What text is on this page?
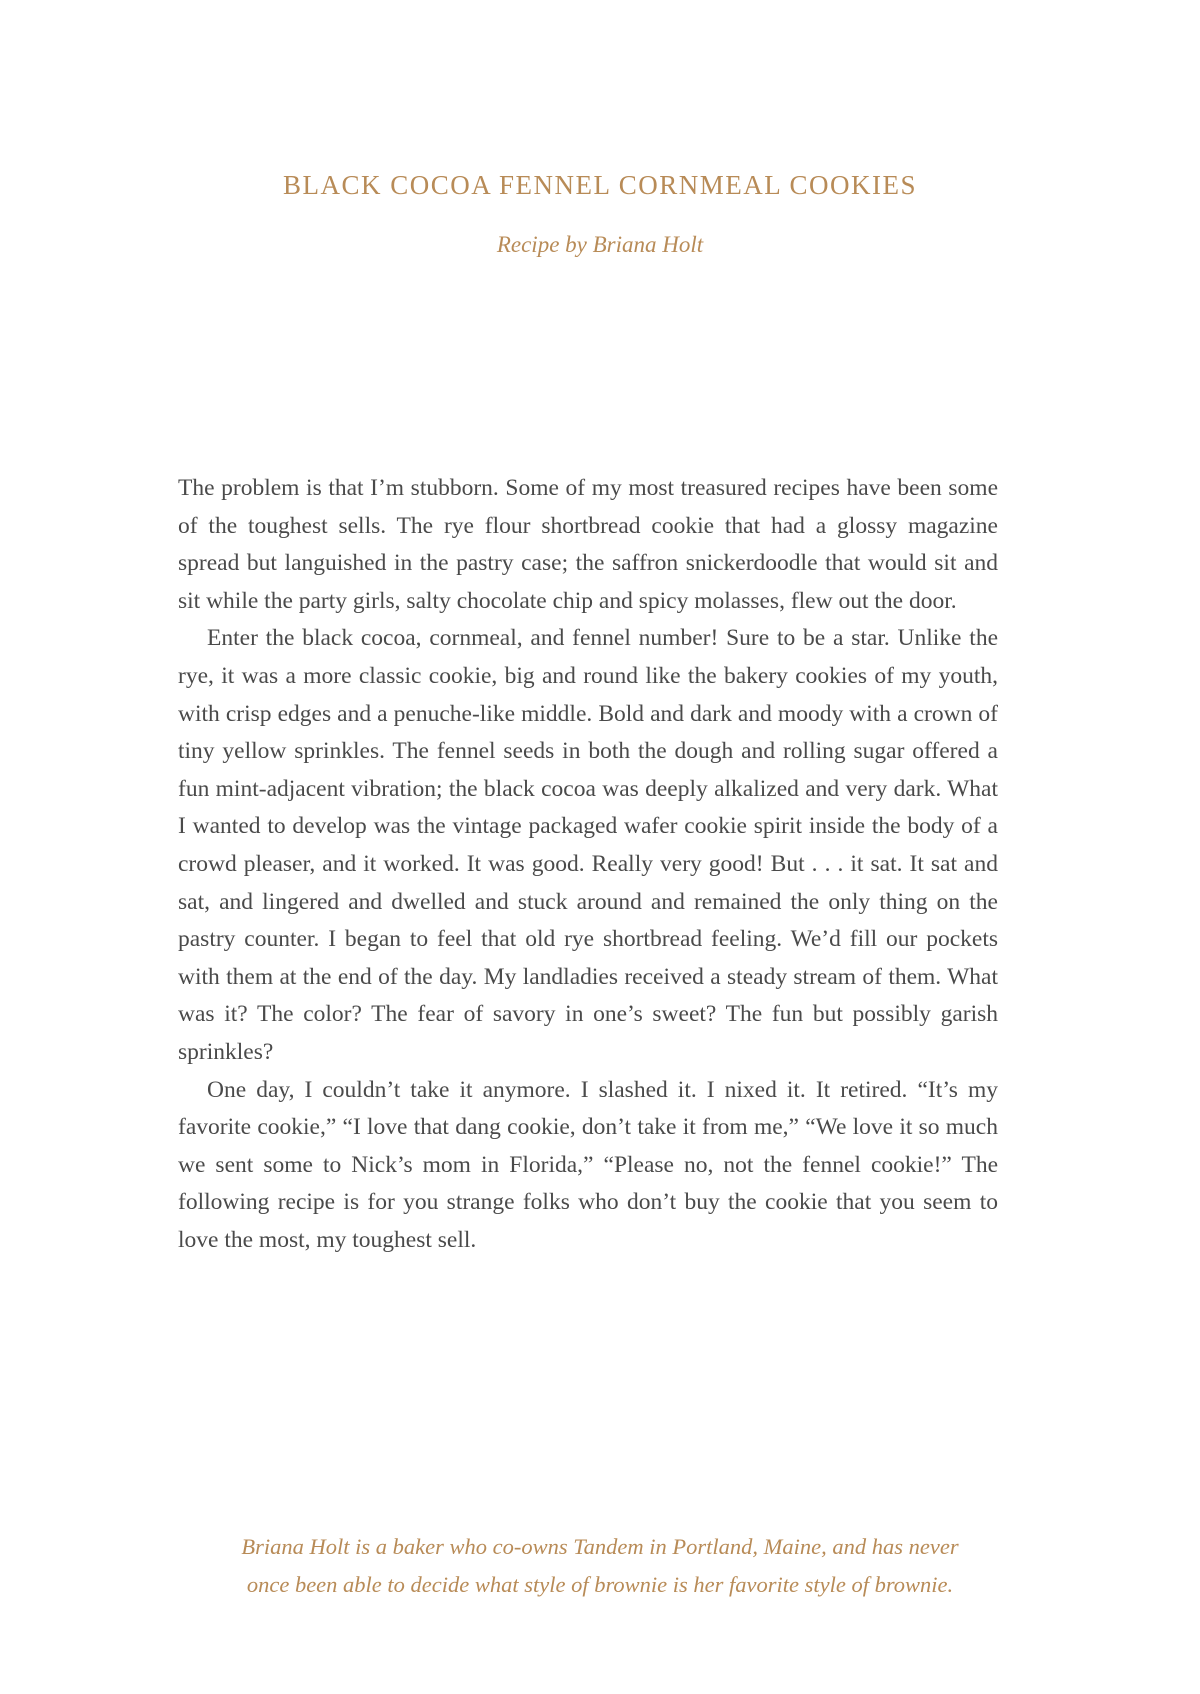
BLACK COCOA FENNEL CORNMEAL COOKIES

Recipe by Briana Holt

The problem is that I’m stubborn. Some of my most treasured recipes have been some of the toughest sells. The rye flour shortbread cookie that had a glossy magazine spread but languished in the pastry case; the saffron snickerdoodle that would sit and sit while the party girls, salty chocolate chip and spicy molasses, flew out the door.

Enter the black cocoa, cornmeal, and fennel number! Sure to be a star. Unlike the rye, it was a more classic cookie, big and round like the bakery cookies of my youth, with crisp edges and a penuche-like middle. Bold and dark and moody with a crown of tiny yellow sprinkles. The fennel seeds in both the dough and rolling sugar offered a fun mint-adjacent vibration; the black cocoa was deeply alkalized and very dark. What I wanted to develop was the vintage packaged wafer cookie spirit inside the body of a crowd pleaser, and it worked. It was good. Really very good! But . . . it sat. It sat and sat, and lingered and dwelled and stuck around and remained the only thing on the pastry counter. I began to feel that old rye shortbread feeling. We’d fill our pockets with them at the end of the day. My landladies received a steady stream of them. What was it? The color? The fear of savory in one’s sweet? The fun but possibly garish sprinkles?

One day, I couldn’t take it anymore. I slashed it. I nixed it. It retired. “It’s my favorite cookie,” “I love that dang cookie, don’t take it from me,” “We love it so much we sent some to Nick’s mom in Florida,” “Please no, not the fennel cookie!” The following recipe is for you strange folks who don’t buy the cookie that you seem to love the most, my toughest sell.

Briana Holt is a baker who co-owns Tandem in Portland, Maine, and has never
once been able to decide what style of brownie is her favorite style of brownie.
